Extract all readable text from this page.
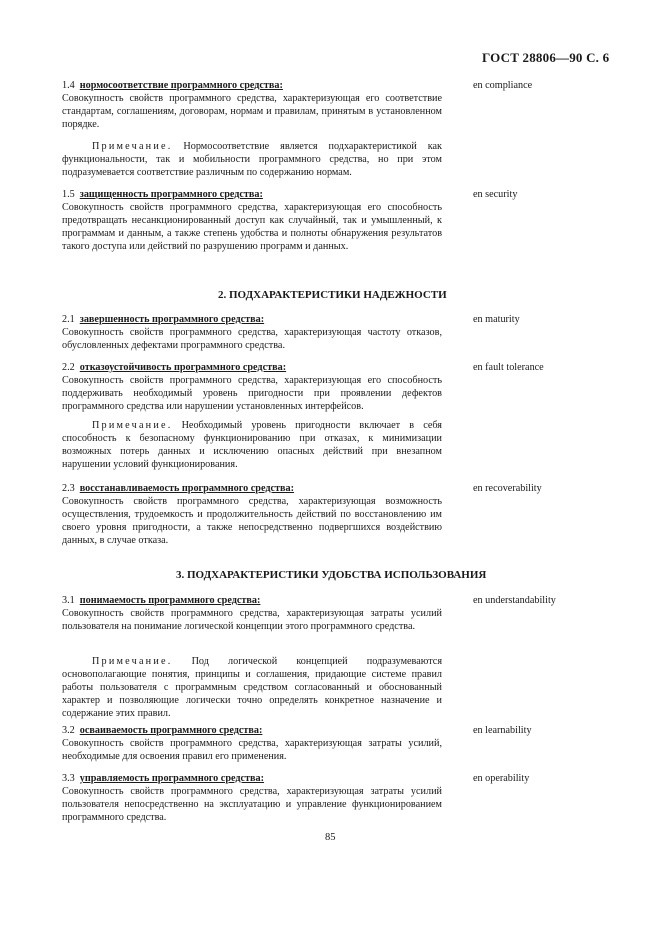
ГОСТ 28806—90 С. 6
1.4 нормосоответствие программного средства:
Совокупность свойств программного средства, характеризующая его соответствие стандартам, соглашениям, договорам, нормам и правилам, принятым в установленном порядке.
en compliance
Примечание. Нормосоответствие является подхарактеристикой как функциональности, так и мобильности программного средства, но при этом подразумевается соответствие различным по содержанию нормам.
1.5 защищенность программного средства:
Совокупность свойств программного средства, характеризующая его способность предотвращать несанкционированный доступ как случайный, так и умышленный, к программам и данным, а также степень удобства и полноты обнаружения результатов такого доступа или действий по разрушению программ и данных.
en security
2. ПОДХАРАКТЕРИСТИКИ НАДЕЖНОСТИ
2.1 завершенность программного средства:
Совокупность свойств программного средства, характеризующая частоту отказов, обусловленных дефектами программного средства.
en maturity
2.2 отказоустойчивость программного средства:
Совокупность свойств программного средства, характеризующая его способность поддерживать необходимый уровень пригодности при проявлении дефектов программного средства или нарушении установленных интерфейсов.
en fault tolerance
Примечание. Необходимый уровень пригодности включает в себя способность к безопасному функционированию при отказах, к минимизации возможных потерь данных и исключению опасных действий при внезапном нарушении условий функционирования.
2.3 восстанавливаемость программного средства:
Совокупность свойств программного средства, характеризующая возможность осуществления, трудоемкость и продолжительность действий по восстановлению им своего уровня пригодности, а также непосредственно подвергшихся воздействию данных, в случае отказа.
en recoverability
3. ПОДХАРАКТЕРИСТИКИ УДОБСТВА ИСПОЛЬЗОВАНИЯ
3.1 понимаемость программного средства:
Совокупность свойств программного средства, характеризующая затраты усилий пользователя на понимание логической концепции этого программного средства.
en understandability
Примечание. Под логической концепцией подразумеваются основополагающие понятия, принципы и соглашения, придающие системе правил работы пользователя с программным средством согласованный и обоснованный характер и позволяющие логически точно определять конкретное назначение и содержание этих правил.
3.2 осваиваемость программного средства:
Совокупность свойств программного средства, характеризующая затраты усилий, необходимые для освоения правил его применения.
en learnability
3.3 управляемость программного средства:
Совокупность свойств программного средства, характеризующая затраты усилий пользователя непосредственно на эксплуатацию и управление функционированием программного средства.
en operability
85
